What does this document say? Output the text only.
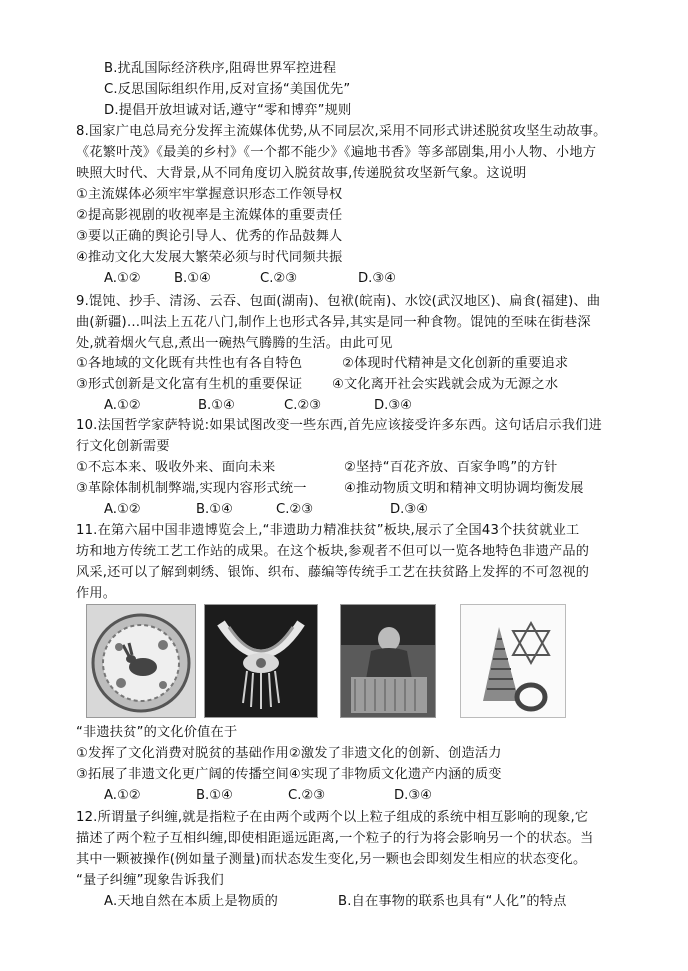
B.扰乱国际经济秩序,阻碍世界军控进程
C.反思国际组织作用,反对宣扬“美国优先”
D.提倡开放坦诚对话,遵守“零和博弈”规则
8.国家广电总局充分发挥主流媒体优势,从不同层次,采用不同形式讲述脱贫攻坚生动故事。
《花繁叶茂》《最美的乡村》《一个都不能少》《遍地书香》等多部剧集,用小人物、小地方
映照大时代、大背景,从不同角度切入脱贫故事,传递脱贫攻坚新气象。这说明
①主流媒体必须牢牢掌握意识形态工作领导权
②提高影视剧的收视率是主流媒体的重要责任
③要以正确的舆论引导人、优秀的作品鼓舞人
④推动文化大发展大繁荣必须与时代同频共振
A.①②	B.①④	C.②③	D.③④
9.馄饨、抄手、清汤、云吞、包面(湖南)、包袱(皖南)、水饺(武汉地区)、扁食(福建)、曲
曲(新疆)…叫法上五花八门,制作上也形式各异,其实是同一种食物。馄饨的至味在街巷深
处,就着烟火气息,煮出一碗热气腾腾的生活。由此可见
①各地域的文化既有共性也有各自特色	②体现时代精神是文化创新的重要追求
③形式创新是文化富有生机的重要保证 ④文化离开社会实践就会成为无源之水
A.①②	B.①④	C.②③	D.③④
10.法国哲学家萨特说:如果试图改变一些东西,首先应该接受许多东西。这句话启示我们进
行文化创新需要
①不忘本来、吸收外来、面向未来	②坚持“百花齐放、百家争鸣”的方针
③革除体制机制弊端,实现内容形式统一	④推动物质文明和精神文明协调均衡发展
A.①②	B.①④	C.②③	D.③④
11.在第六届中国非遗博览会上,“非遗助力精准扶贫”板块,展示了全国43个扶贫就业工
坊和地方传统工艺工作站的成果。在这个板块,参观者不但可以一览各地特色非遗产品的
风采,还可以了解到刺绣、银饰、织布、藤编等传统手工艺在扶贫路上发挥的不可忽视的
作用。
“非遗扶贫”的文化价值在于
①发挥了文化消费对脱贫的基础作用②激发了非遗文化的创新、创造活力
③拓展了非遗文化更广阔的传播空间④实现了非物质文化遗产内涵的质变
A.①②	B.①④	C.②③	D.③④
12.所谓量子纠缠,就是指粒子在由两个或两个以上粒子组成的系统中相互影响的现象,它
描述了两个粒子互相纠缠,即使相距遥远距离,一个粒子的行为将会影响另一个的状态。当
其中一颗被操作(例如量子测量)而状态发生变化,另一颗也会即刻发生相应的状态变化。
“量子纠缠”现象告诉我们
A.天地自然在本质上是物质的	B.自在事物的联系也具有“人化”的特点
